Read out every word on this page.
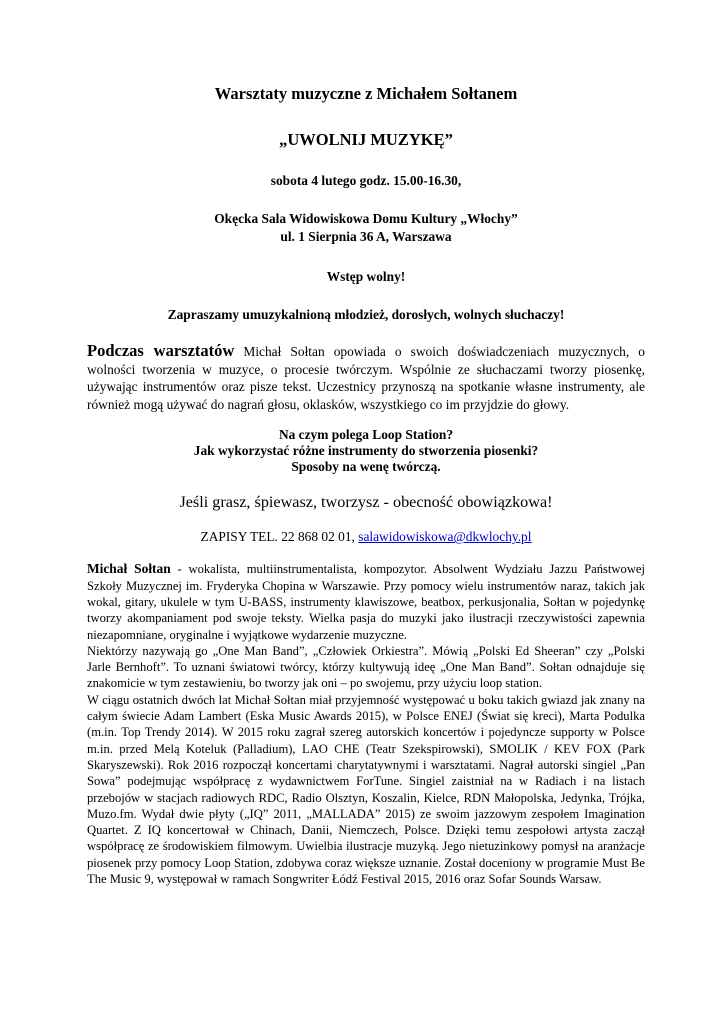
Warsztaty muzyczne z Michałem Sołtanem
„UWOLNIJ MUZYKĘ”
sobota 4 lutego godz. 15.00-16.30,
Okęcka Sala Widowiskowa Domu Kultury „Włochy”
ul. 1 Sierpnia 36 A, Warszawa
Wstęp wolny!
Zapraszamy umuzykalnioną młodzież, dorosłych, wolnych słuchaczy!

Podczas warsztatów Michał Sołtan opowiada o swoich doświadczeniach muzycznych, o wolności tworzenia w muzyce, o procesie twórczym. Wspólnie ze słuchaczami tworzy piosenkę, używając instrumentów oraz pisze tekst. Uczestnicy przynoszą na spotkanie własne instrumenty, ale również mogą używać do nagrań głosu, oklasków, wszystkiego co im przyjdzie do głowy.

Na czym polega Loop Station?
Jak wykorzystać różne instrumenty do stworzenia piosenki?
Sposoby na wenę twórczą.
Jeśli grasz, śpiewasz, tworzysz - obecność obowiązkowa!
ZAPISY TEL. 22 868 02 01, salawidowiskowa@dkwlochy.pl

Michał Sołtan - wokalista, multiinstrumentalista, kompozytor. Absolwent Wydziału Jazzu Państwowej Szkoły Muzycznej im. Fryderyka Chopina w Warszawie. Przy pomocy wielu instrumentów naraz, takich jak wokal, gitary, ukulele w tym U-BASS, instrumenty klawiszowe, beatbox, perkusjonalia, Sołtan w pojedynkę tworzy akompaniament pod swoje teksty. Wielka pasja do muzyki jako ilustracji rzeczywistości zapewnia niezapomniane, oryginalne i wyjątkowe wydarzenie muzyczne.

Niektórzy nazywają go „One Man Band”, „Człowiek Orkiestra”. Mówią „Polski Ed Sheeran” czy „Polski Jarle Bernhoft”. To uznani światowi twórcy, którzy kultywują ideę „One Man Band”. Sołtan odnajduje się znakomicie w tym zestawieniu, bo tworzy jak oni – po swojemu, przy użyciu loop station.

W ciągu ostatnich dwóch lat Michał Sołtan miał przyjemność występować u boku takich gwiazd jak znany na całym świecie Adam Lambert (Eska Music Awards 2015), w Polsce ENEJ (Świat się kreci), Marta Podulka (m.in. Top Trendy 2014). W 2015 roku zagrał szereg autorskich koncertów i pojedyncze supporty w Polsce m.in. przed Melą Koteluk (Palladium), LAO CHE (Teatr Szekspirowski), SMOLIK / KEV FOX (Park Skaryszewski). Rok 2016 rozpoczął koncertami charytatywnymi i warsztatami. Nagrał autorski singiel „Pan Sowa” podejmując współpracę z wydawnictwem ForTune. Singiel zaistniał na w Radiach i na listach przebojów w stacjach radiowych RDC, Radio Olsztyn, Koszalin, Kielce, RDN Małopolska, Jedynka, Trójka, Muzo.fm. Wydał dwie płyty („IQ” 2011, „MALLADA” 2015) ze swoim jazzowym zespołem Imagination Quartet. Z IQ koncertował w Chinach, Danii, Niemczech, Polsce. Dzięki temu zespołowi artysta zaczął współpracę ze środowiskiem filmowym. Uwielbia ilustracje muzyką. Jego nietuzinkowy pomysł na aranżacje piosenek przy pomocy Loop Station, zdobywa coraz większe uznanie. Został doceniony w programie Must Be The Music 9, występował w ramach Songwriter Łódź Festival 2015, 2016 oraz Sofar Sounds Warsaw.
